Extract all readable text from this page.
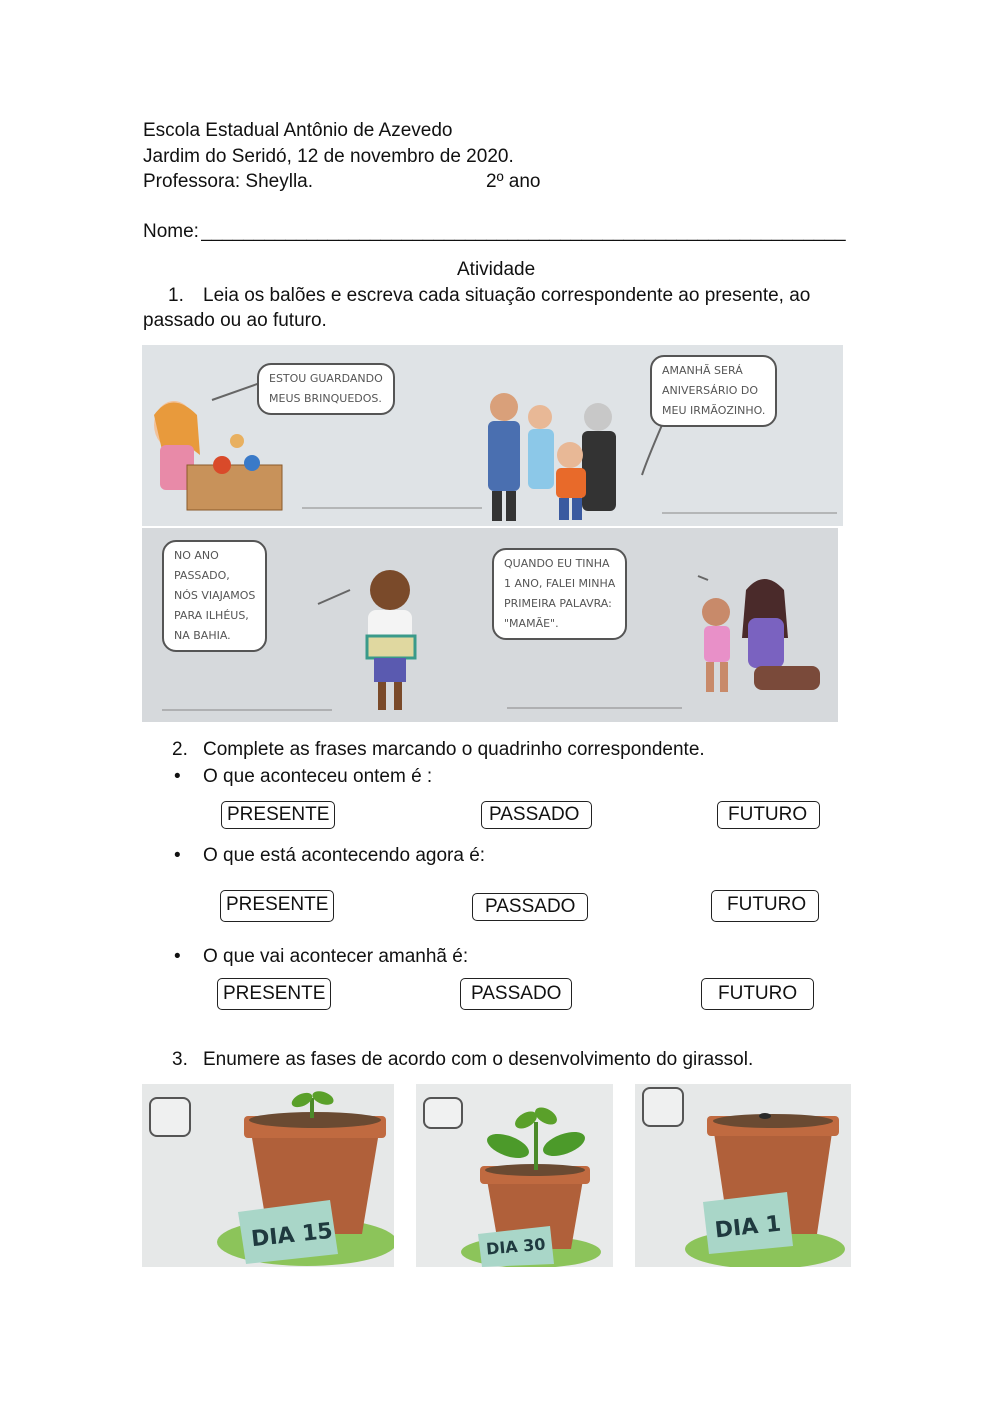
Escola Estadual Antônio de Azevedo
Jardim do Seridó, 12 de novembro de 2020.
Professora: Sheylla.	2º ano
Nome: _____________________________________________________________
Atividade
1. Leia os balões e escreva cada situação correspondente ao presente, ao
passado ou ao futuro.
ESTOU GUARDANDO
MEUS BRINQUEDOS.
AMANHÃ SERÁ
ANIVERSÁRIO DO
MEU IRMÃOZINHO.
NO ANO
PASSADO,
NÓS VIAJAMOS
PARA ILHÉUS,
NA BAHIA.
QUANDO EU TINHA
1 ANO, FALEI MINHA
PRIMEIRA PALAVRA:
"MAMÃE".
2. Complete as frases marcando o quadrinho correspondente.
• O que aconteceu ontem é :
PRESENTE	PASSADO	FUTURO
• O que está acontecendo agora é:
PRESENTE	PASSADO	FUTURO
• O que vai acontecer amanhã é:
PRESENTE	PASSADO	FUTURO
3. Enumere as fases de acordo com o desenvolvimento do girassol.
DIA 15	DIA 30
DIA 1
